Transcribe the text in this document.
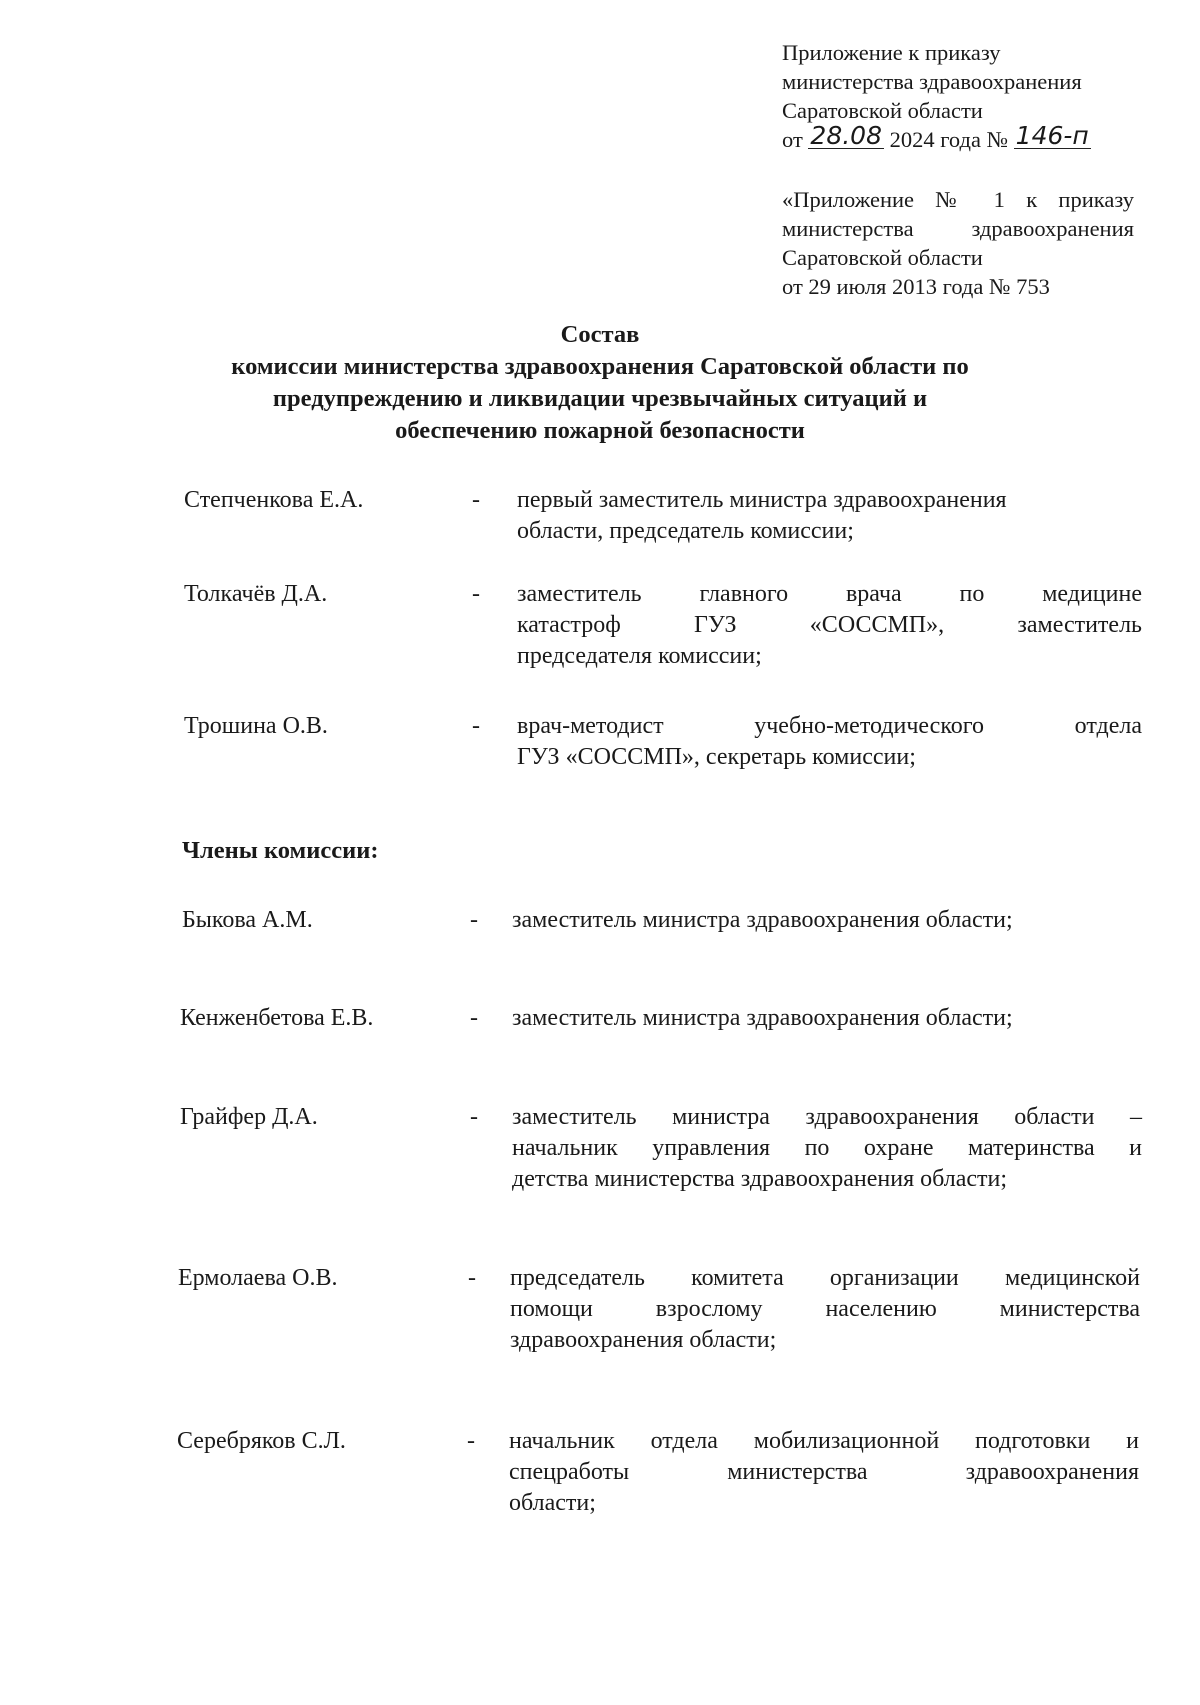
Приложение к приказу
министерства здравоохранения
Саратовской области
от 28.08 2024 года № 146-п
«Приложение № 1 к приказу
министерства здравоохранения
Саратовской области
от 29 июля 2013 года № 753
Состав
комиссии министерства здравоохранения Саратовской области по
предупреждению и ликвидации чрезвычайных ситуаций и
обеспечению пожарной безопасности
Степченкова Е.А.	- первый заместитель министра здравоохранения
области, председатель комиссии;
Толкачёв Д.А.	- заместитель главного врача по медицине
катастроф ГУЗ «СОССМП», заместитель
председателя комиссии;
Трошина О.В.	- врач-методист учебно-методического отдела
ГУЗ «СОССМП», секретарь комиссии;
Члены комиссии:
Быкова А.М.	- заместитель министра здравоохранения области;
Кенженбетова Е.В.	- заместитель министра здравоохранения области;
Грайфер Д.А.	- заместитель министра здравоохранения области –
начальник управления по охране материнства и
детства министерства здравоохранения области;
Ермолаева О.В.	- председатель комитета организации медицинской
помощи взрослому населению министерства
здравоохранения области;
Серебряков С.Л.	- начальник отдела мобилизационной подготовки и
спецработы министерства здравоохранения
области;
